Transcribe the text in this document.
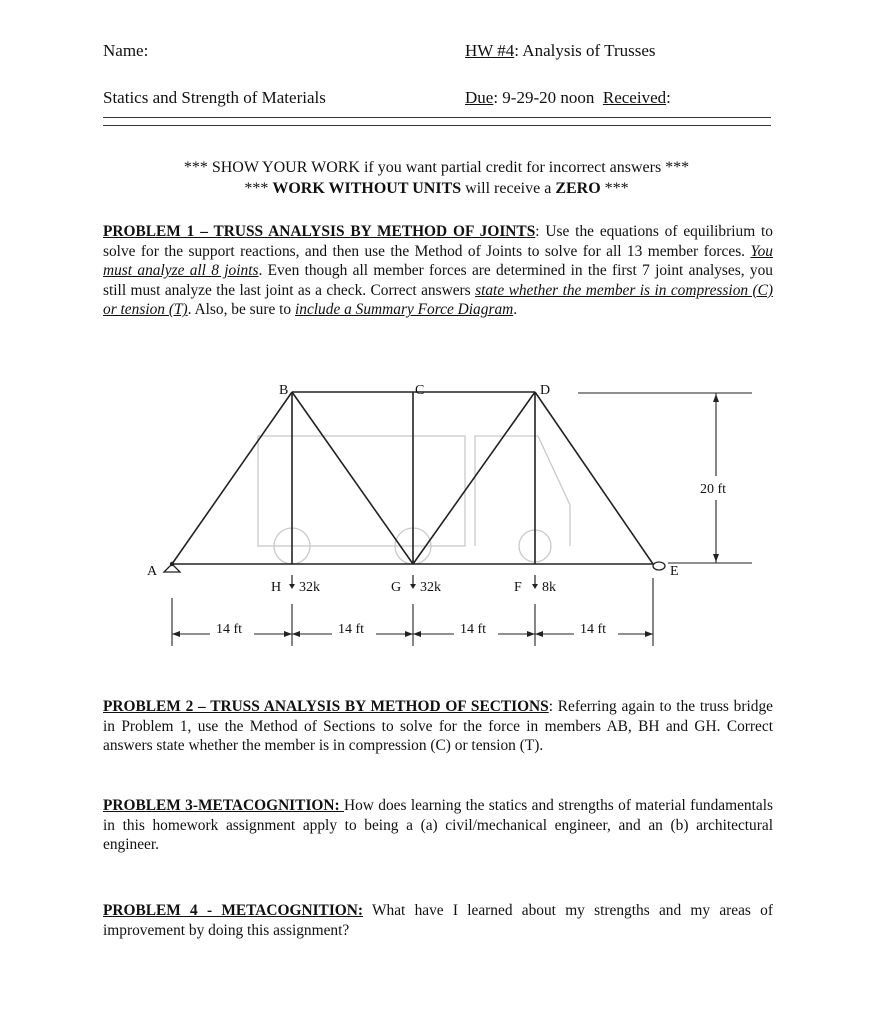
Name:	HW #4: Analysis of Trusses
Statics and Strength of Materials	Due: 9-29-20 noon Received:
*** SHOW YOUR WORK if you want partial credit for incorrect answers ***
*** WORK WITHOUT UNITS will receive a ZERO ***
PROBLEM 1 – TRUSS ANALYSIS BY METHOD OF JOINTS: Use the equations of equilibrium to solve for the support reactions, and then use the Method of Joints to solve for all 13 member forces. You must analyze all 8 joints. Even though all member forces are determined in the first 7 joint analyses, you still must analyze the last joint as a check. Correct answers state whether the member is in compression (C) or tension (T). Also, be sure to include a Summary Force Diagram.
A
B	C	D
E
F
G
H 32k	32k	8k
14 ft	14 ft	14 ft	14 ft
20 ft
PROBLEM 2 – TRUSS ANALYSIS BY METHOD OF SECTIONS: Referring again to the truss bridge in Problem 1, use the Method of Sections to solve for the force in members AB, BH and GH. Correct answers state whether the member is in compression (C) or tension (T).
PROBLEM 3-METACOGNITION: How does learning the statics and strengths of material fundamentals in this homework assignment apply to being a (a) civil/mechanical engineer, and an (b) architectural engineer.
PROBLEM 4 - METACOGNITION: What have I learned about my strengths and my areas of improvement by doing this assignment?
